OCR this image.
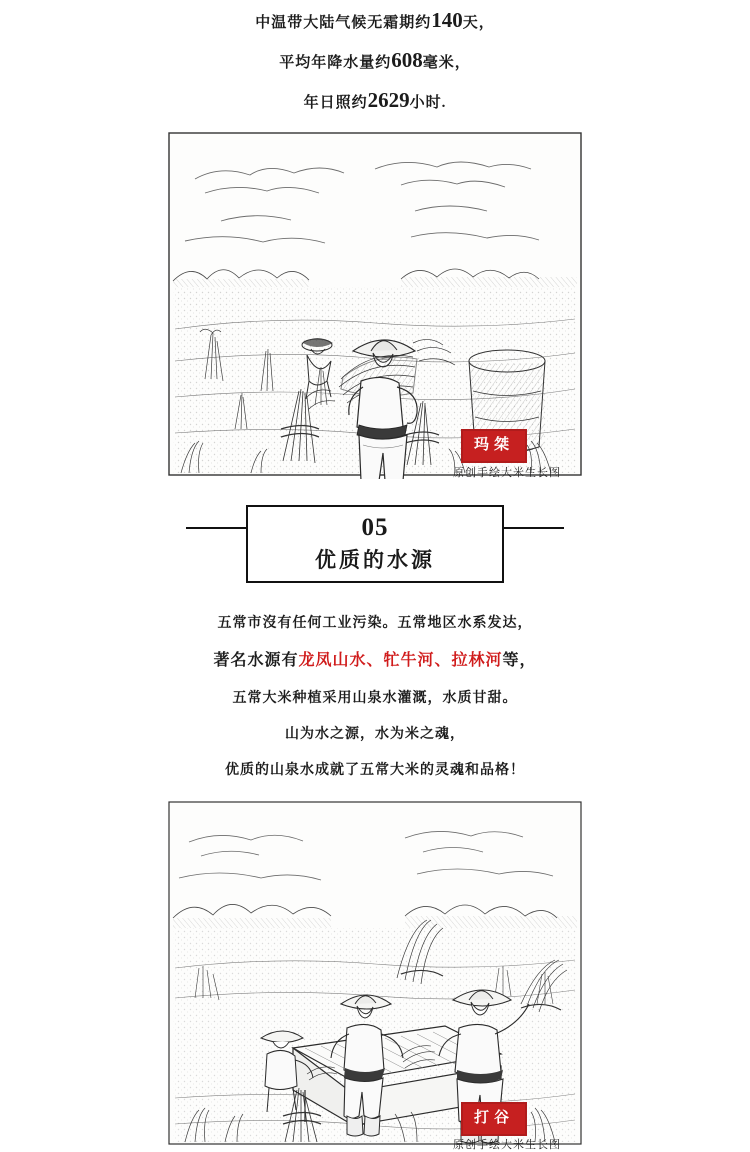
中温带大陆气候无霜期约140天，

平均年降水量约608毫米，

年日照约2629小时.

玛桀
原创手绘大米生长图
05
优质的水源

五常市沒有任何工业污染。五常地区水系发达，

著名水源有龙凤山水、牤牛河、拉林河等，

五常大米种植采用山泉水灌溉，水质甘甜。

山为水之源，水为米之魂，

优质的山泉水成就了五常大米的灵魂和品格！

打谷
原创手绘大米生长图
